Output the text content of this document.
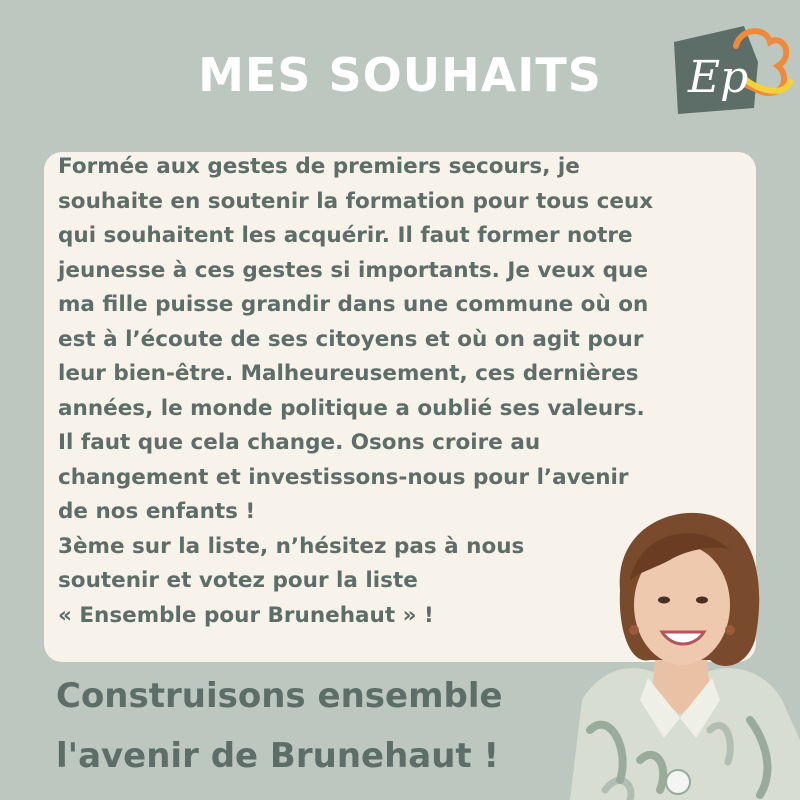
MES SOUHAITS	Ep
Formée aux gestes de premiers secours, je
souhaite en soutenir la formation pour tous ceux
qui souhaitent les acquérir. Il faut former notre
jeunesse à ces gestes si importants. Je veux que
ma fille puisse grandir dans une commune où on
est à l’écoute de ses citoyens et où on agit pour
leur bien-être. Malheureusement, ces dernières
années, le monde politique a oublié ses valeurs.
Il faut que cela change. Osons croire au
changement et investissons-nous pour l’avenir
de nos enfants !
3ème sur la liste, n’hésitez pas à nous
soutenir et votez pour la liste
« Ensemble pour Brunehaut » !
Construisons ensemble
l'avenir de Brunehaut !
